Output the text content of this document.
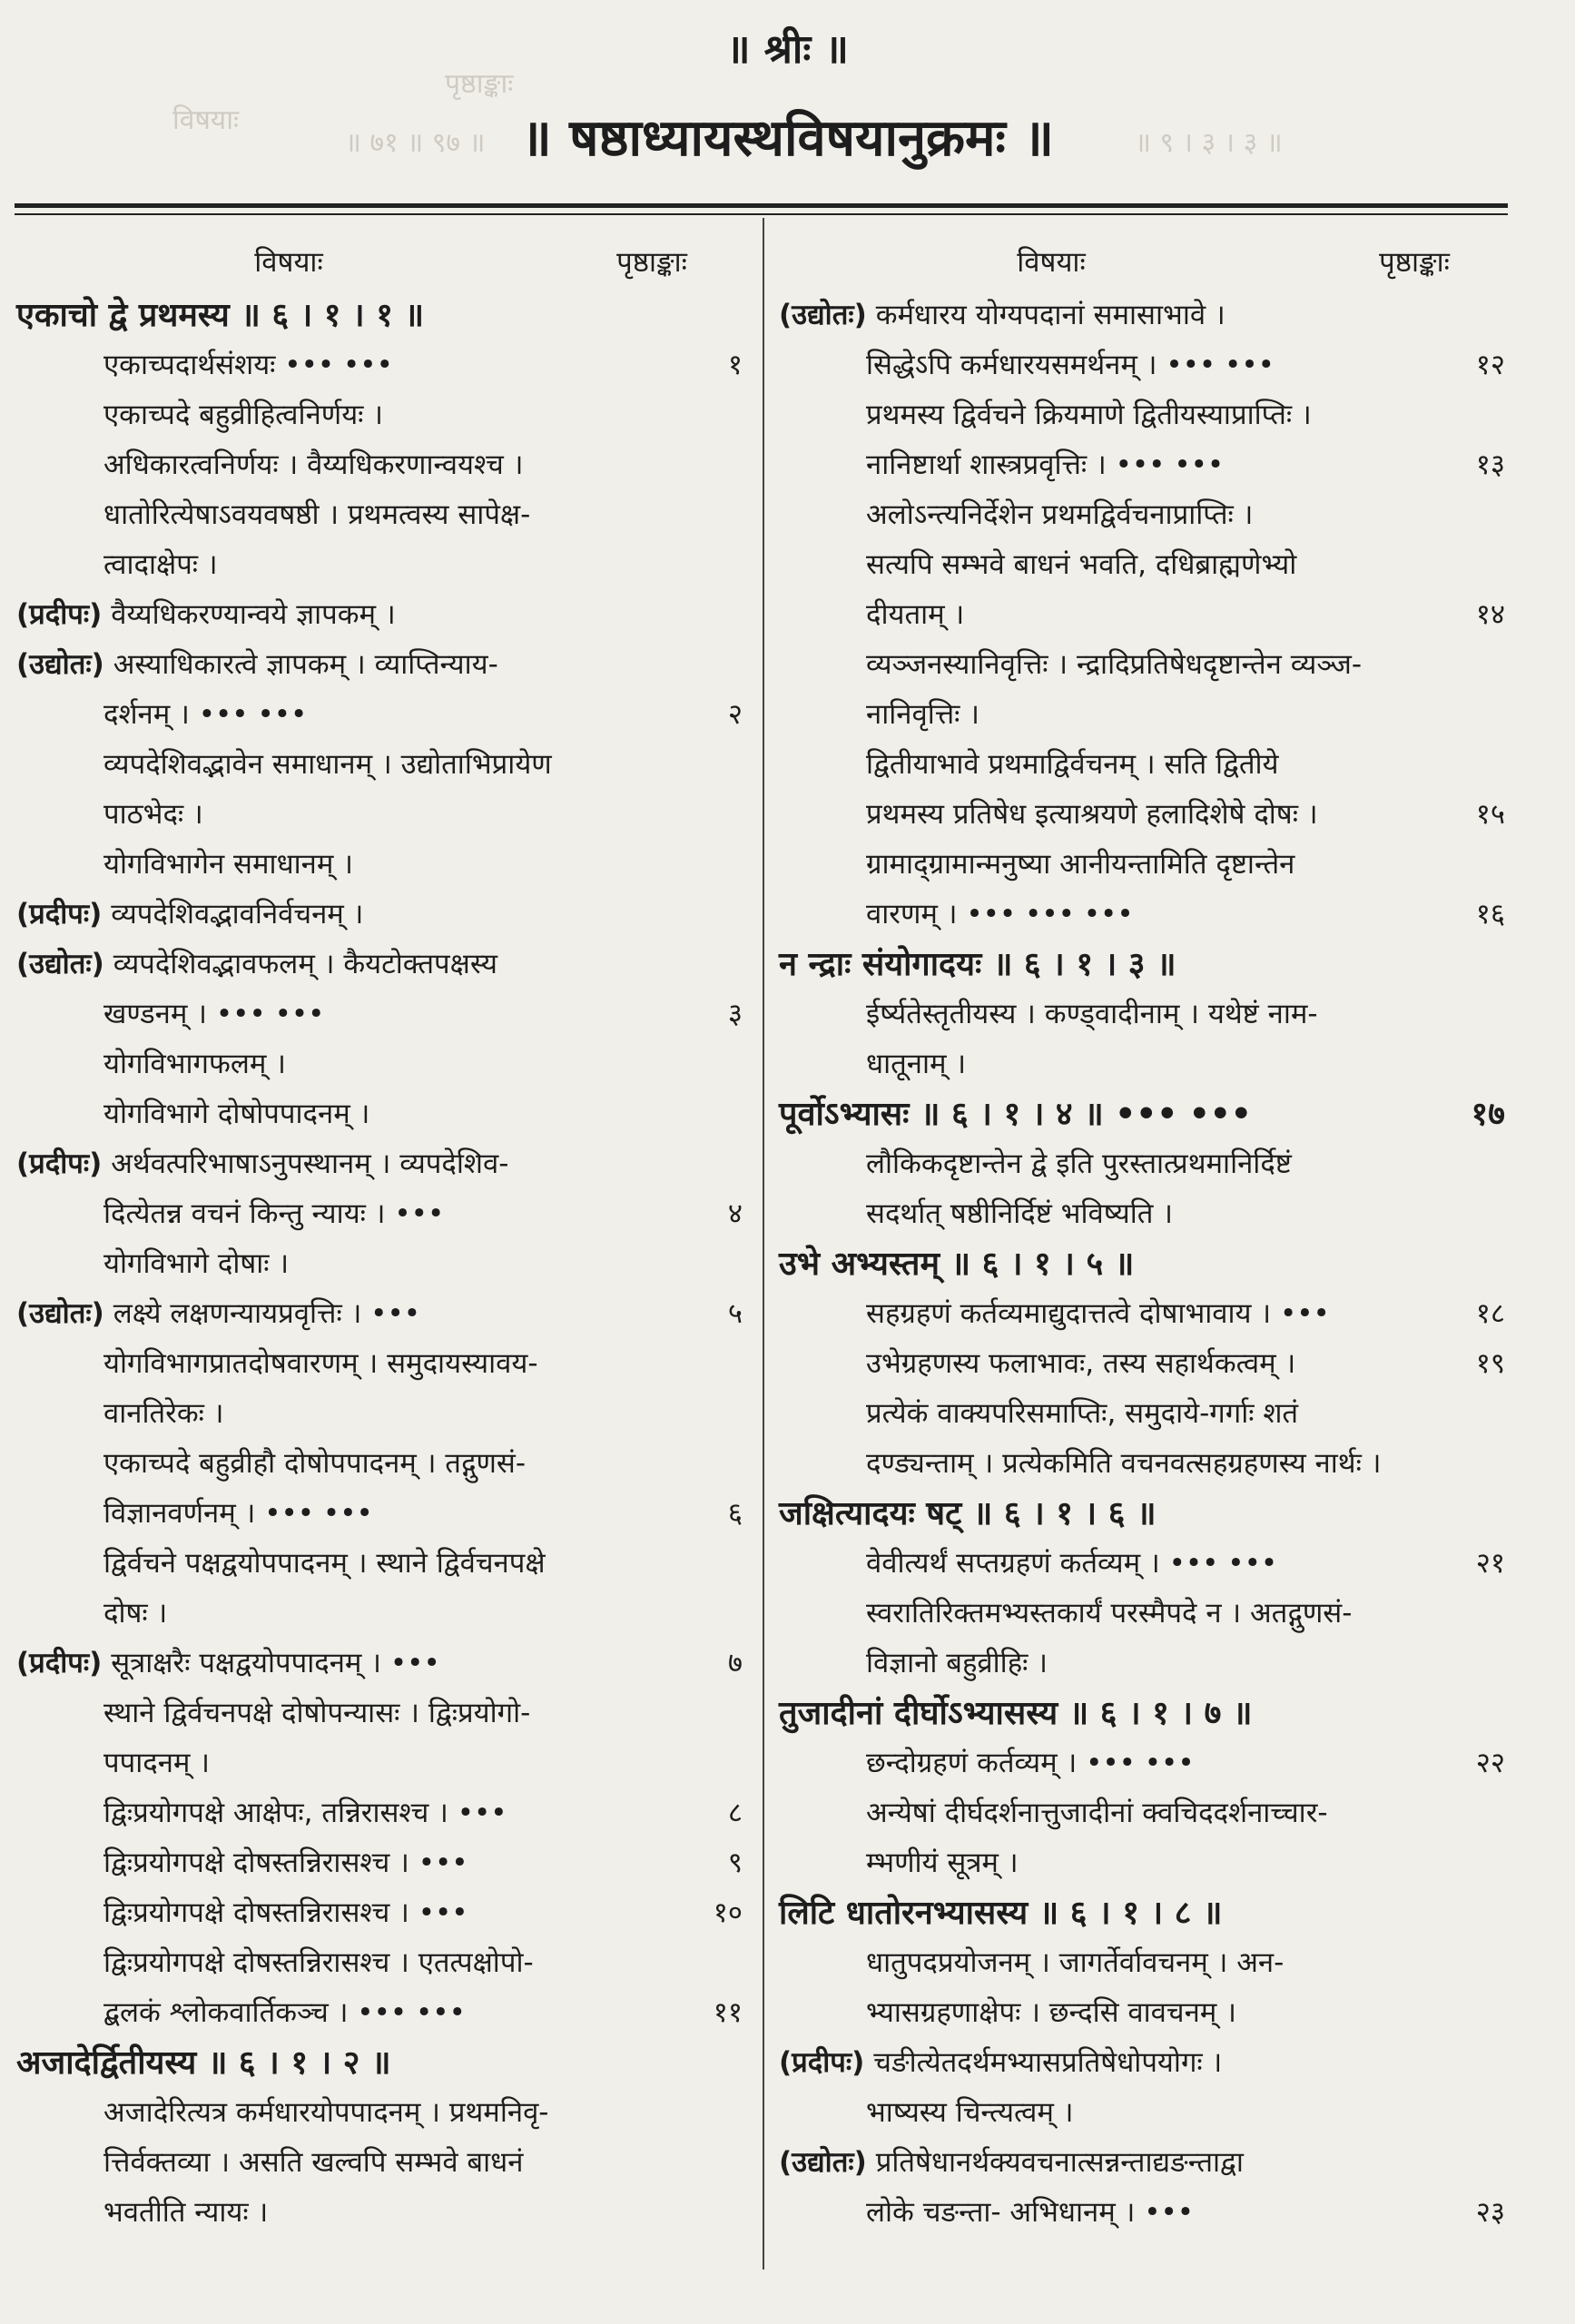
॥ ७१ ॥ ९७ ॥	॥ ९ । ३ । ३ ॥
विषयाः
पृष्ठाङ्काः
॥ श्रीः ॥
॥ षष्ठाध्यायस्थविषयानुक्रमः ॥
विषयाः	पृष्ठाङ्काः
एकाचो द्वे प्रथमस्य ॥ ६ । १ । १ ॥
एकाच्पदार्थसंशयः ••• •••	१
एकाच्पदे बहुव्रीहित्वनिर्णयः ।
अधिकारत्वनिर्णयः । वैय्यधिकरणान्वयश्च ।
धातोरित्येषाऽवयवषष्ठी । प्रथमत्वस्य सापेक्ष-
त्वादाक्षेपः ।
(प्रदीपः) वैय्यधिकरण्यान्वये ज्ञापकम् ।
(उद्योतः) अस्याधिकारत्वे ज्ञापकम् । व्याप्तिन्याय-
दर्शनम् । ••• •••	२
व्यपदेशिवद्भावेन समाधानम् । उद्योताभिप्रायेण
पाठभेदः ।
योगविभागेन समाधानम् ।
(प्रदीपः) व्यपदेशिवद्भावनिर्वचनम् ।
(उद्योतः) व्यपदेशिवद्भावफलम् । कैयटोक्तपक्षस्य
खण्डनम् । ••• •••	३
योगविभागफलम् ।
योगविभागे दोषोपपादनम् ।
(प्रदीपः) अर्थवत्परिभाषाऽनुपस्थानम् । व्यपदेशिव-
दित्येतन्न वचनं किन्तु न्यायः । •••	४
योगविभागे दोषाः ।
(उद्योतः) लक्ष्ये लक्षणन्यायप्रवृत्तिः । •••	५
योगविभागप्रातदोषवारणम् । समुदायस्यावय-
वानतिरेकः ।
एकाच्पदे बहुव्रीहौ दोषोपपादनम् । तद्गुणसं-
विज्ञानवर्णनम् । ••• •••	६
द्विर्वचने पक्षद्वयोपपादनम् । स्थाने द्विर्वचनपक्षे
दोषः ।
(प्रदीपः) सूत्राक्षरैः पक्षद्वयोपपादनम् । •••	७
स्थाने द्विर्वचनपक्षे दोषोपन्यासः । द्विःप्रयोगो-
पपादनम् ।
द्विःप्रयोगपक्षे आक्षेपः, तन्निरासश्च । •••	८
द्विःप्रयोगपक्षे दोषस्तन्निरासश्च । •••	९
द्विःप्रयोगपक्षे दोषस्तन्निरासश्च । •••	१०
द्विःप्रयोगपक्षे दोषस्तन्निरासश्च । एतत्पक्षोपो-
द्बलकं श्लोकवार्तिकञ्च । ••• •••	११
अजादेर्द्वितीयस्य ॥ ६ । १ । २ ॥
अजादेरित्यत्र कर्मधारयोपपादनम् । प्रथमनिवृ-
त्तिर्वक्तव्या । असति खल्वपि सम्भवे बाधनं
भवतीति न्यायः ।
विषयाः	पृष्ठाङ्काः
(उद्योतः) कर्मधारय योग्यपदानां समासाभावे ।
सिद्धेऽपि कर्मधारयसमर्थनम् । ••• •••	१२
प्रथमस्य द्विर्वचने क्रियमाणे द्वितीयस्याप्राप्तिः ।
नानिष्टार्था शास्त्रप्रवृत्तिः । ••• •••	१३
अलोऽन्त्यनिर्देशेन प्रथमद्विर्वचनाप्राप्तिः ।
सत्यपि सम्भवे बाधनं भवति, दधिब्राह्मणेभ्यो
दीयताम् ।	१४
व्यञ्जनस्यानिवृत्तिः । न्द्रादिप्रतिषेधदृष्टान्तेन व्यञ्ज-
नानिवृत्तिः ।
द्वितीयाभावे प्रथमाद्विर्वचनम् । सति द्वितीये
प्रथमस्य प्रतिषेध इत्याश्रयणे हलादिशेषे दोषः ।	१५
ग्रामाद्ग्रामान्मनुष्या आनीयन्तामिति दृष्टान्तेन
वारणम् । ••• ••• •••	१६
न न्द्राः संयोगादयः ॥ ६ । १ । ३ ॥
ईर्ष्यतेस्तृतीयस्य । कण्ड्वादीनाम् । यथेष्टं नाम-
धातूनाम् ।
पूर्वोऽभ्यासः ॥ ६ । १ । ४ ॥ ••• •••	१७
लौकिकदृष्टान्तेन द्वे इति पुरस्तात्प्रथमानिर्दिष्टं
सदर्थात् षष्ठीनिर्दिष्टं भविष्यति ।
उभे अभ्यस्तम् ॥ ६ । १ । ५ ॥
सहग्रहणं कर्तव्यमाद्युदात्तत्वे दोषाभावाय । •••	१८
उभेग्रहणस्य फलाभावः, तस्य सहार्थकत्वम् ।	१९
प्रत्येकं वाक्यपरिसमाप्तिः, समुदाये-गर्गाः शतं
दण्ड्यन्ताम् । प्रत्येकमिति वचनवत्सहग्रहणस्य नार्थः ।
जक्षित्यादयः षट् ॥ ६ । १ । ६ ॥
वेवीत्यर्थं सप्तग्रहणं कर्तव्यम् । ••• •••	२१
स्वरातिरिक्तमभ्यस्तकार्यं परस्मैपदे न । अतद्गुणसं-
विज्ञानो बहुव्रीहिः ।
तुजादीनां दीर्घोऽभ्यासस्य ॥ ६ । १ । ७ ॥
छन्दोग्रहणं कर्तव्यम् । ••• •••	२२
अन्येषां दीर्घदर्शनात्तुजादीनां क्वचिददर्शनाच्चार-
म्भणीयं सूत्रम् ।
लिटि धातोरनभ्यासस्य ॥ ६ । १ । ८ ॥
धातुपदप्रयोजनम् । जागर्तेर्वावचनम् । अन-
भ्यासग्रहणाक्षेपः । छन्दसि वावचनम् ।
(प्रदीपः) चङीत्येतदर्थमभ्यासप्रतिषेधोपयोगः ।
भाष्यस्य चिन्त्यत्वम् ।
(उद्योतः) प्रतिषेधानर्थक्यवचनात्सन्नन्ताद्यङन्ताद्वा
लोके चङन्ता- अभिधानम् । •••	२३
